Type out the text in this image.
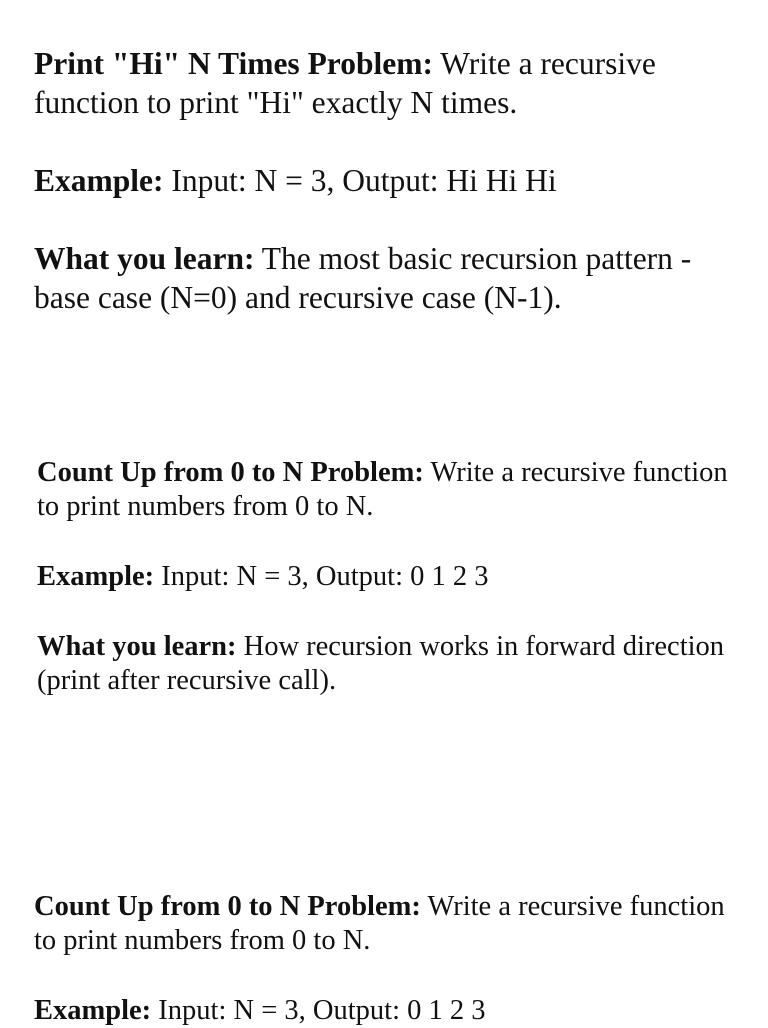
Print "Hi" N Times Problem: Write a recursive function to print "Hi" exactly N times.

Example: Input: N = 3, Output: Hi Hi Hi

What you learn: The most basic recursion pattern - base case (N=0) and recursive case (N-1).

Count Up from 0 to N Problem: Write a recursive function to print numbers from 0 to N.

Example: Input: N = 3, Output: 0 1 2 3

What you learn: How recursion works in forward direction (print after recursive call).

Count Up from 0 to N Problem: Write a recursive function to print numbers from 0 to N.

Example: Input: N = 3, Output: 0 1 2 3
